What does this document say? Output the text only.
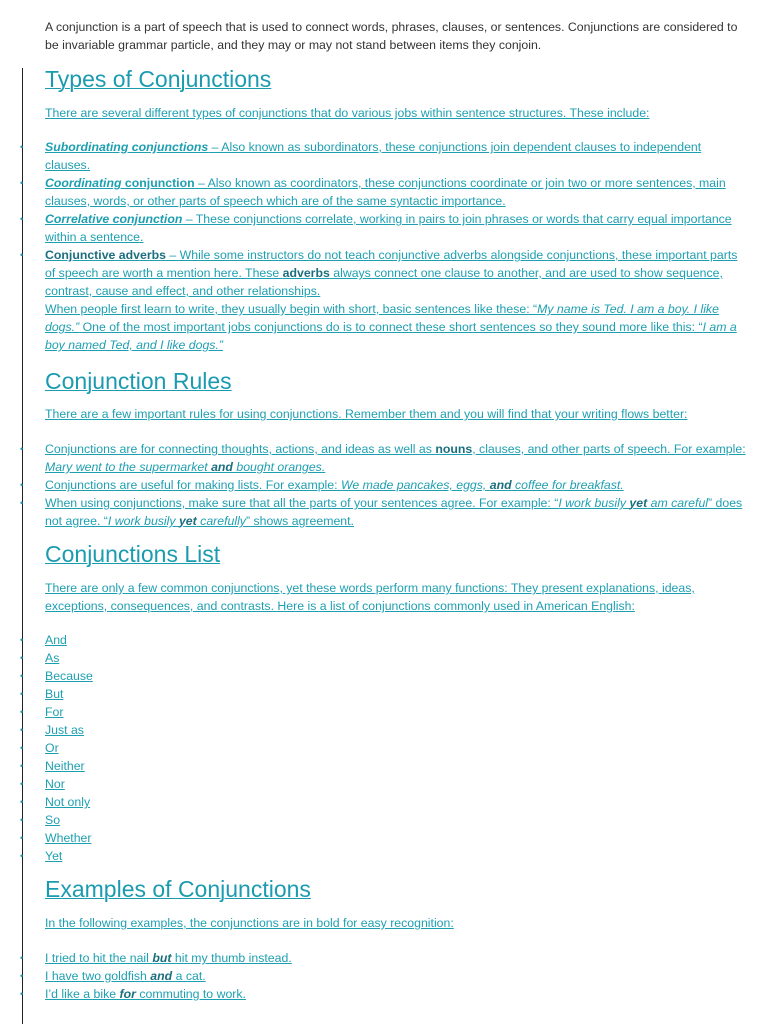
A conjunction is a part of speech that is used to connect words, phrases, clauses, or sentences. Conjunctions are considered to be invariable grammar particle, and they may or may not stand between items they conjoin.
Types of Conjunctions

There are several different types of conjunctions that do various jobs within sentence structures. These include:

• Subordinating conjunctions – Also known as subordinators, these conjunctions join dependent clauses to independent clauses.
• Coordinating conjunction – Also known as coordinators, these conjunctions coordinate or join two or more sentences, main clauses, words, or other parts of speech which are of the same syntactic importance.
• Correlative conjunction – These conjunctions correlate, working in pairs to join phrases or words that carry equal importance within a sentence.
• Conjunctive adverbs – While some instructors do not teach conjunctive adverbs alongside conjunctions, these important parts of speech are worth a mention here. These adverbs always connect one clause to another, and are used to show sequence, contrast, cause and effect, and other relationships.
When people first learn to write, they usually begin with short, basic sentences like these: “My name is Ted. I am a boy. I like dogs.” One of the most important jobs conjunctions do is to connect these short sentences so they sound more like this: “I am a boy named Ted, and I like dogs.”
Conjunction Rules

There are a few important rules for using conjunctions. Remember them and you will find that your writing flows better:

• Conjunctions are for connecting thoughts, actions, and ideas as well as nouns, clauses, and other parts of speech. For example: Mary went to the supermarket and bought oranges.
• Conjunctions are useful for making lists. For example: We made pancakes, eggs, and coffee for breakfast.
• When using conjunctions, make sure that all the parts of your sentences agree. For example: “I work busily yet am careful” does not agree. “I work busily yet carefully” shows agreement.
Conjunctions List

There are only a few common conjunctions, yet these words perform many functions: They present explanations, ideas, exceptions, consequences, and contrasts. Here is a list of conjunctions commonly used in American English:

• And
• As
• Because
• But
• For
• Just as
• Or
• Neither
• Nor
• Not only
• So
• Whether
• Yet
Examples of Conjunctions

In the following examples, the conjunctions are in bold for easy recognition:

• I tried to hit the nail but hit my thumb instead.
• I have two goldfish and a cat.
• I’d like a bike for commuting to work.
